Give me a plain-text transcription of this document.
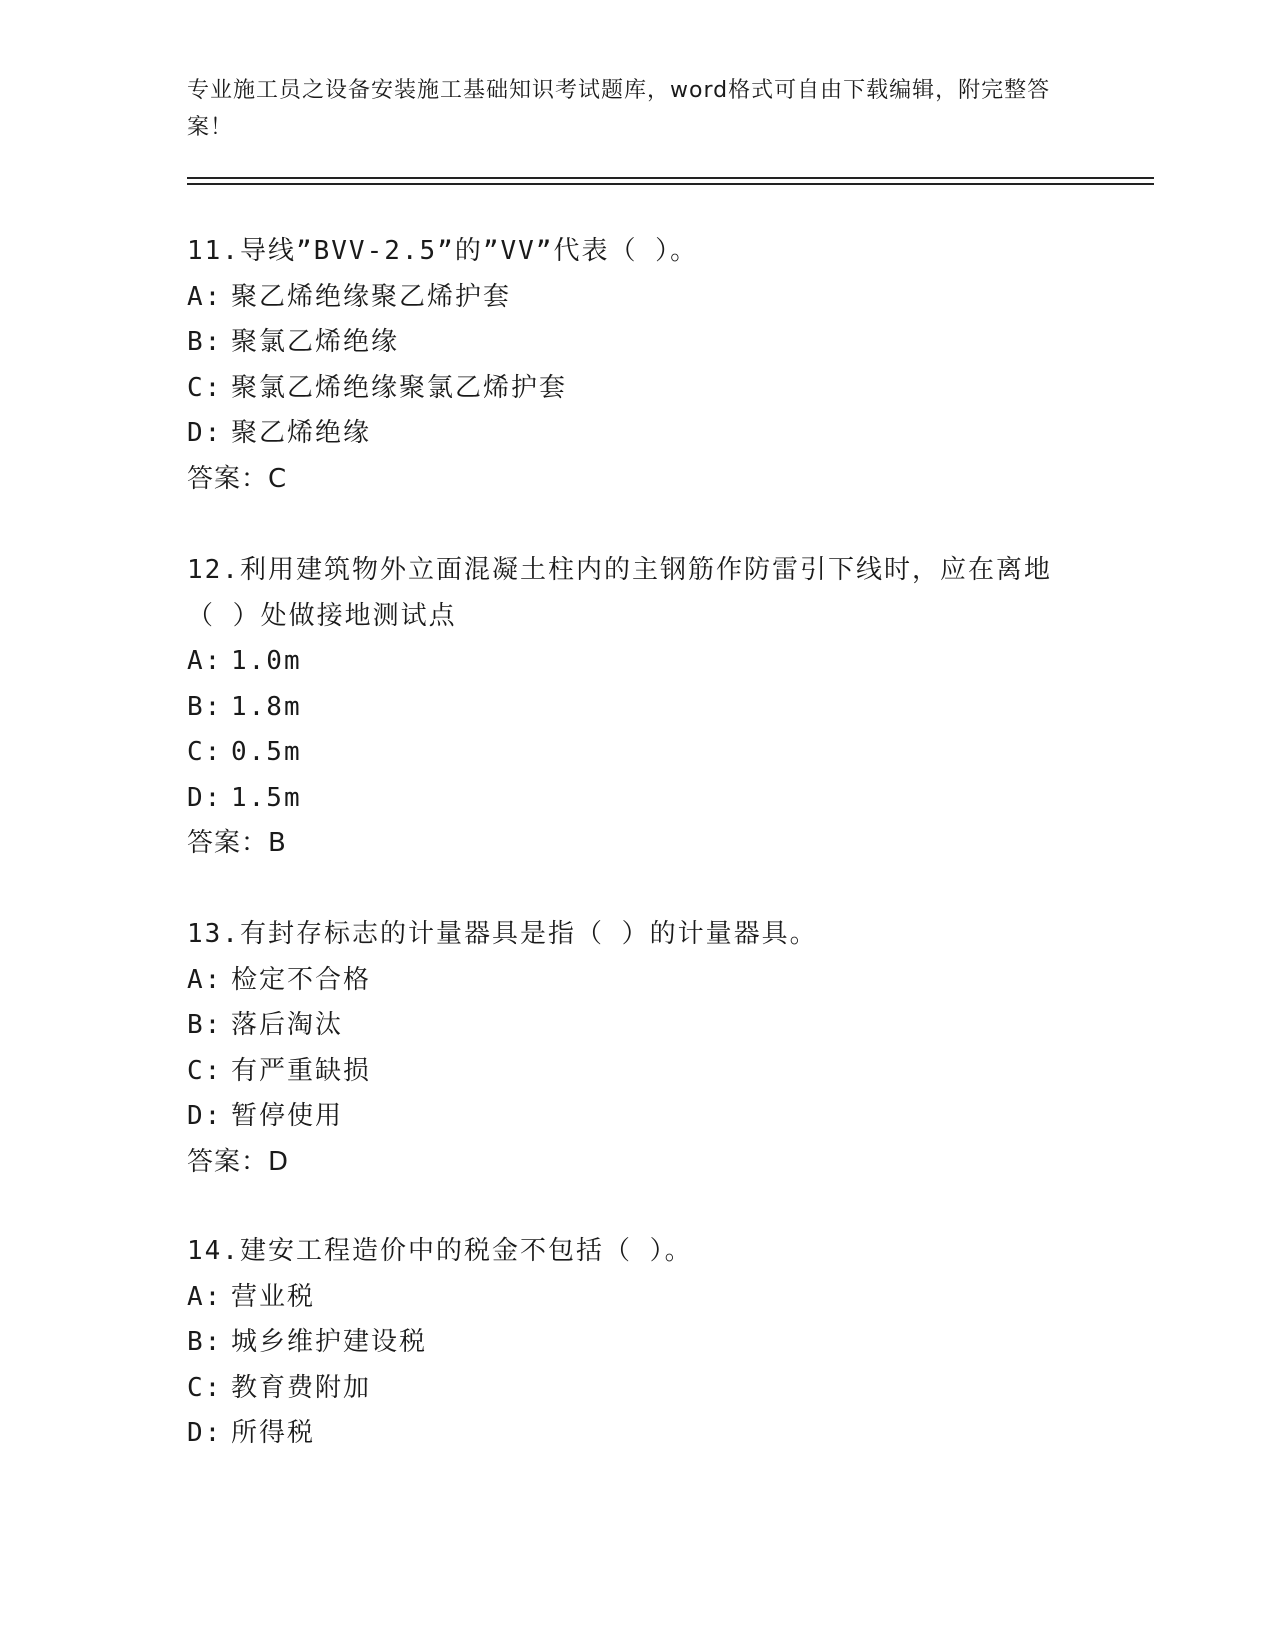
专业施工员之设备安装施工基础知识考试题库，word格式可自由下载编辑，附完整答案！
11.导线”BVV-2.5”的”VV”代表（ ）。
A: 聚乙烯绝缘聚乙烯护套
B: 聚氯乙烯绝缘
C: 聚氯乙烯绝缘聚氯乙烯护套
D: 聚乙烯绝缘
答案：C
12.利用建筑物外立面混凝土柱内的主钢筋作防雷引下线时，应在离地
（ ）处做接地测试点
A: 1.0m
B: 1.8m
C: 0.5m
D: 1.5m
答案：B
13.有封存标志的计量器具是指（ ）的计量器具。
A: 检定不合格
B: 落后淘汰
C: 有严重缺损
D: 暂停使用
答案：D
14.建安工程造价中的税金不包括（ ）。
A: 营业税
B: 城乡维护建设税
C: 教育费附加
D: 所得税
